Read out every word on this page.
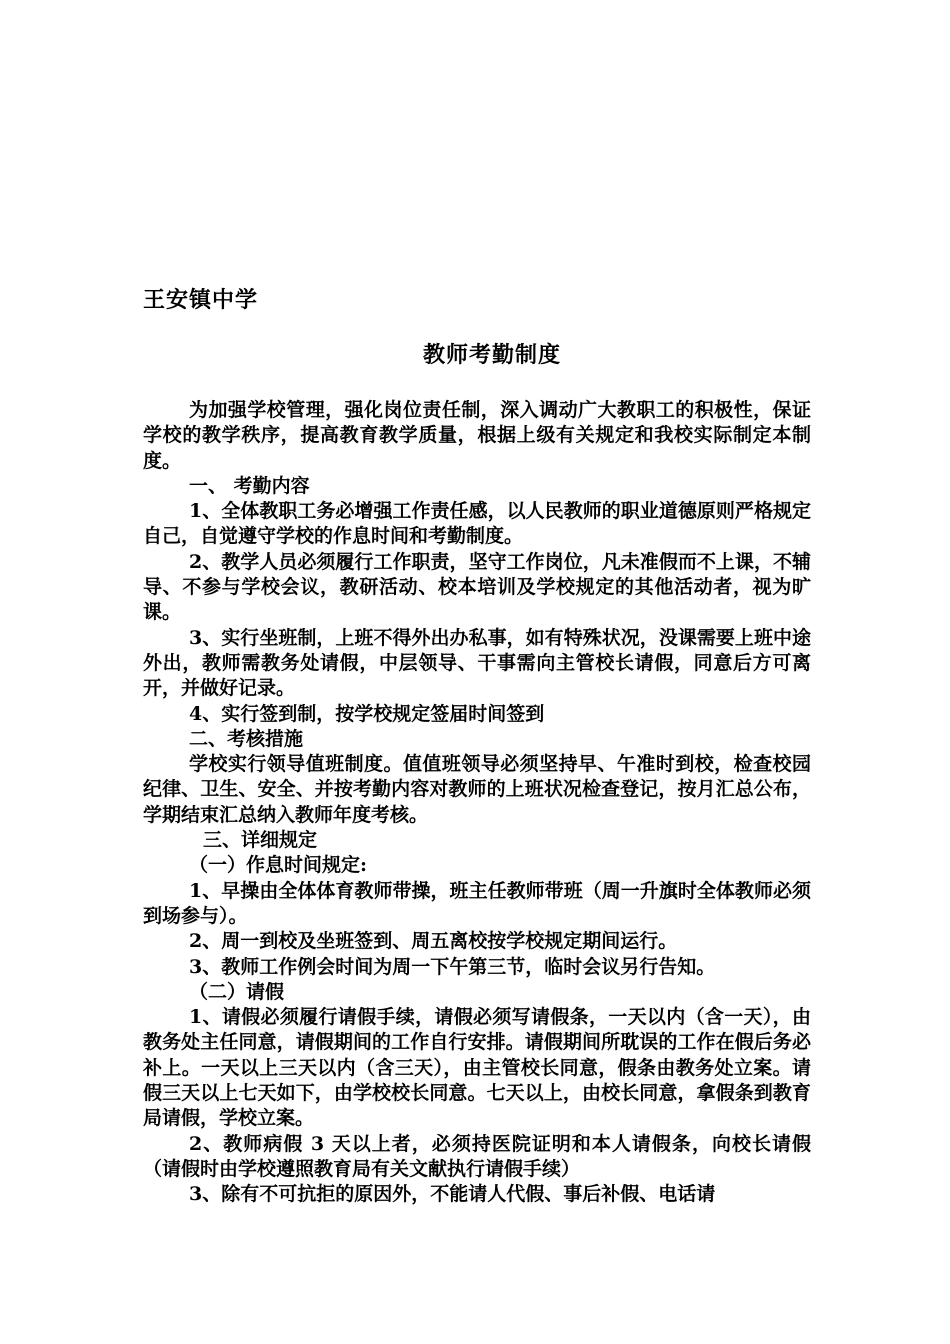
王安镇中学
教师考勤制度

为加强学校管理，强化岗位责任制，深入调动广大教职工的积极性，保证学校的教学秩序，提高教育教学质量，根据上级有关规定和我校实际制定本制度。

一、 考勤内容

1、全体教职工务必增强工作责任感，以人民教师的职业道德原则严格规定自己，自觉遵守学校的作息时间和考勤制度。

2、教学人员必须履行工作职责，坚守工作岗位，凡未准假而不上课，不辅导、不参与学校会议，教研活动、校本培训及学校规定的其他活动者，视为旷课。

3、实行坐班制，上班不得外出办私事，如有特殊状况，没课需要上班中途外出，教师需教务处请假，中层领导、干事需向主管校长请假，同意后方可离开，并做好记录。

4、实行签到制，按学校规定签届时间签到

二、考核措施

学校实行领导值班制度。值值班领导必须坚持早、午准时到校，检查校园纪律、卫生、安全、并按考勤内容对教师的上班状况检查登记，按月汇总公布，学期结束汇总纳入教师年度考核。

三、详细规定

（一）作息时间规定:

1、早操由全体体育教师带操，班主任教师带班（周一升旗时全体教师必须到场参与）。

2、周一到校及坐班签到、周五离校按学校规定期间运行。

3、教师工作例会时间为周一下午第三节，临时会议另行告知。

（二）请假

1、请假必须履行请假手续，请假必须写请假条，一天以内（含一天），由教务处主任同意，请假期间的工作自行安排。请假期间所耽误的工作在假后务必补上。一天以上三天以内（含三天），由主管校长同意，假条由教务处立案。请假三天以上七天如下，由学校校长同意。七天以上，由校长同意，拿假条到教育局请假，学校立案。

2、教师病假 3 天以上者，必须持医院证明和本人请假条，向校长请假（请假时由学校遵照教育局有关文献执行请假手续）

3、除有不可抗拒的原因外，不能请人代假、事后补假、电话请
